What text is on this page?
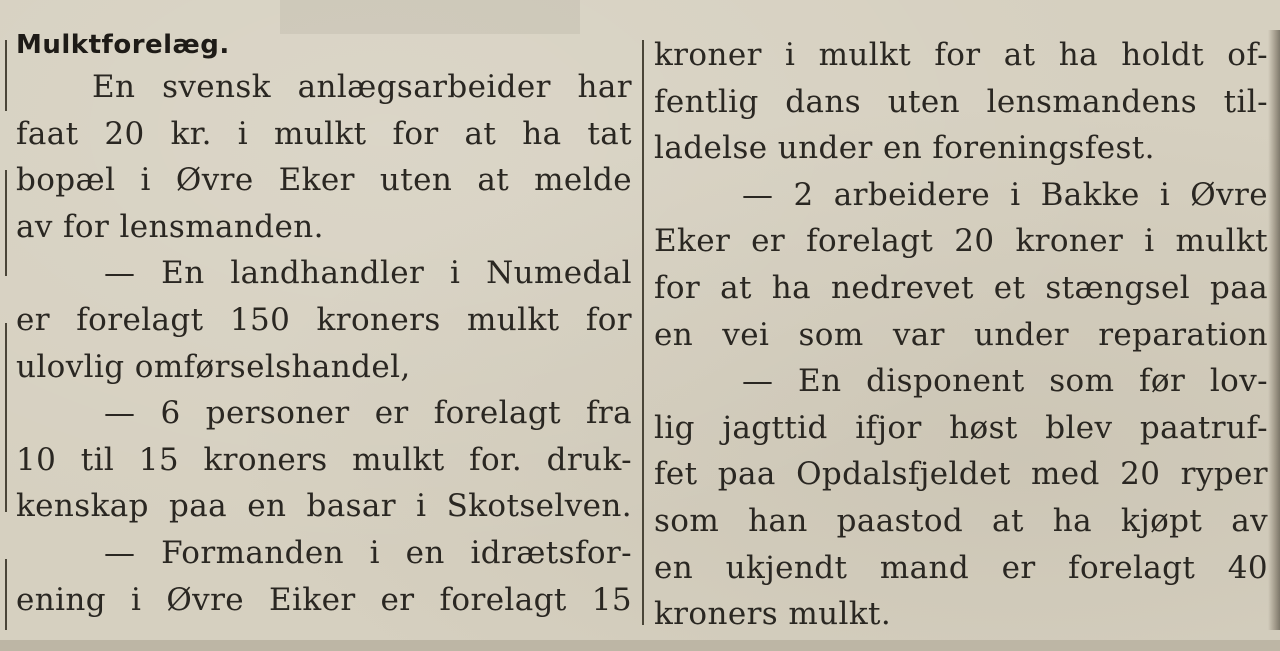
Mulktforelæg.
En svensk anlægsarbeider har
faat 20 kr. i mulkt for at ha tat
bopæl i Øvre Eker uten at melde
av for lensmanden.
— En landhandler i Numedal
er forelagt 150 kroners mulkt for
ulovlig omførselshandel,
— 6 personer er forelagt fra
10 til 15 kroners mulkt for. druk-
kenskap paa en basar i Skotselven.
— Formanden i en idrætsfor-
ening i Øvre Eiker er forelagt 15
kroner i mulkt for at ha holdt of-
fentlig dans uten lensmandens til-
ladelse under en foreningsfest.
— 2 arbeidere i Bakke i Øvre
Eker er forelagt 20 kroner i mulkt
for at ha nedrevet et stængsel paa
en vei som var under reparation
— En disponent som før lov-
lig jagttid ifjor høst blev paatruf-
fet paa Opdalsfjeldet med 20 ryper
som han paastod at ha kjøpt av
en ukjendt mand er forelagt 40
kroners mulkt.
